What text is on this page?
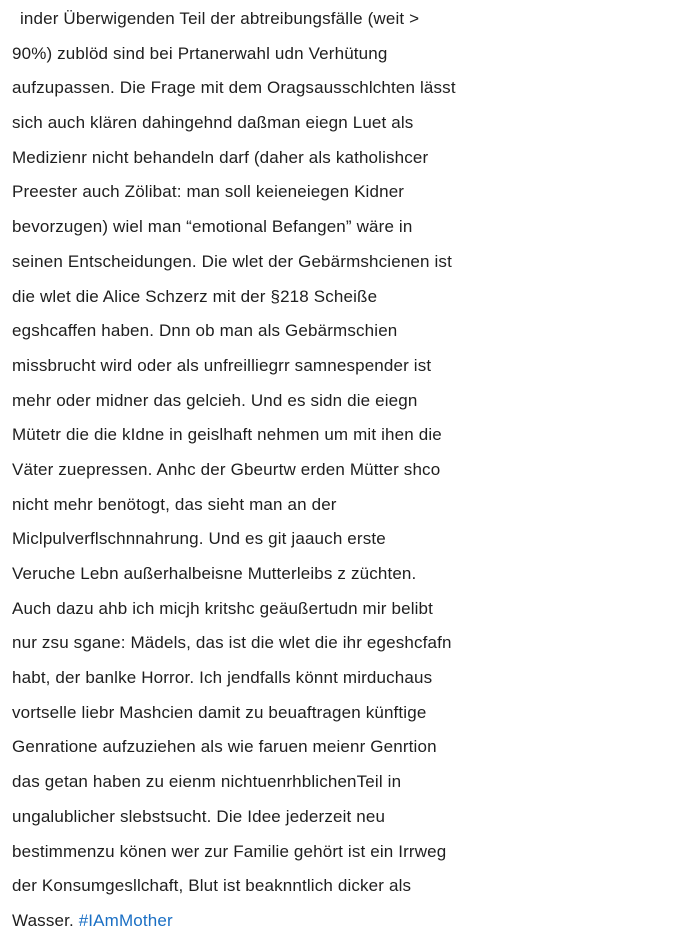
inder Überwigenden Teil der abtreibungsfälle (weit >
90%) zublöd sind bei Prtanerwahl udn Verhütung
aufzupassen. Die Frage mit dem Oragsausschlchten lässt
sich auch klären dahingehnd daßman eiegn Luet als
Medizienr nicht behandeln darf (daher als katholishcer
Preester auch Zölibat: man soll keieneiegen Kidner
bevorzugen) wiel man “emotional Befangen” wäre in
seinen Entscheidungen. Die wlet der Gebärmshcienen ist
die wlet die Alice Schzerz mit der §218 Scheiße
egshcaffen haben. Dnn ob man als Gebärmschien
missbrucht wird oder als unfreilliegrr samnespender ist
mehr oder midner das gelcieh. Und es sidn die eiegn
Mütetr die die kIdne in geislhaft nehmen um mit ihen die
Väter zuepressen. Anhc der Gbeurtw erden Mütter shco
nicht mehr benötogt, das sieht man an der
Miclpulverflschnnahrung. Und es git jaauch erste
Veruche Lebn außerhalbeisne Mutterleibs z züchten.
Auch dazu ahb ich micjh kritshc geäußertudn mir belibt
nur zsu sgane: Mädels, das ist die wlet die ihr egeshcfafn
habt, der banlke Horror. Ich jendfalls könnt mirduchaus
vortselle liebr Mashcien damit zu beuaftragen künftige
Genratione aufzuziehen als wie faruen meienr Genrtion
das getan haben zu eienm nichtuenrhblichenTeil in
ungalublicher slebstsucht. Die Idee jederzeit neu
bestimmenzu könen wer zur Familie gehört ist ein Irrweg
der Konsumgesllchaft, Blut ist beaknntlich dicker als
Wasser. #IAmMother
